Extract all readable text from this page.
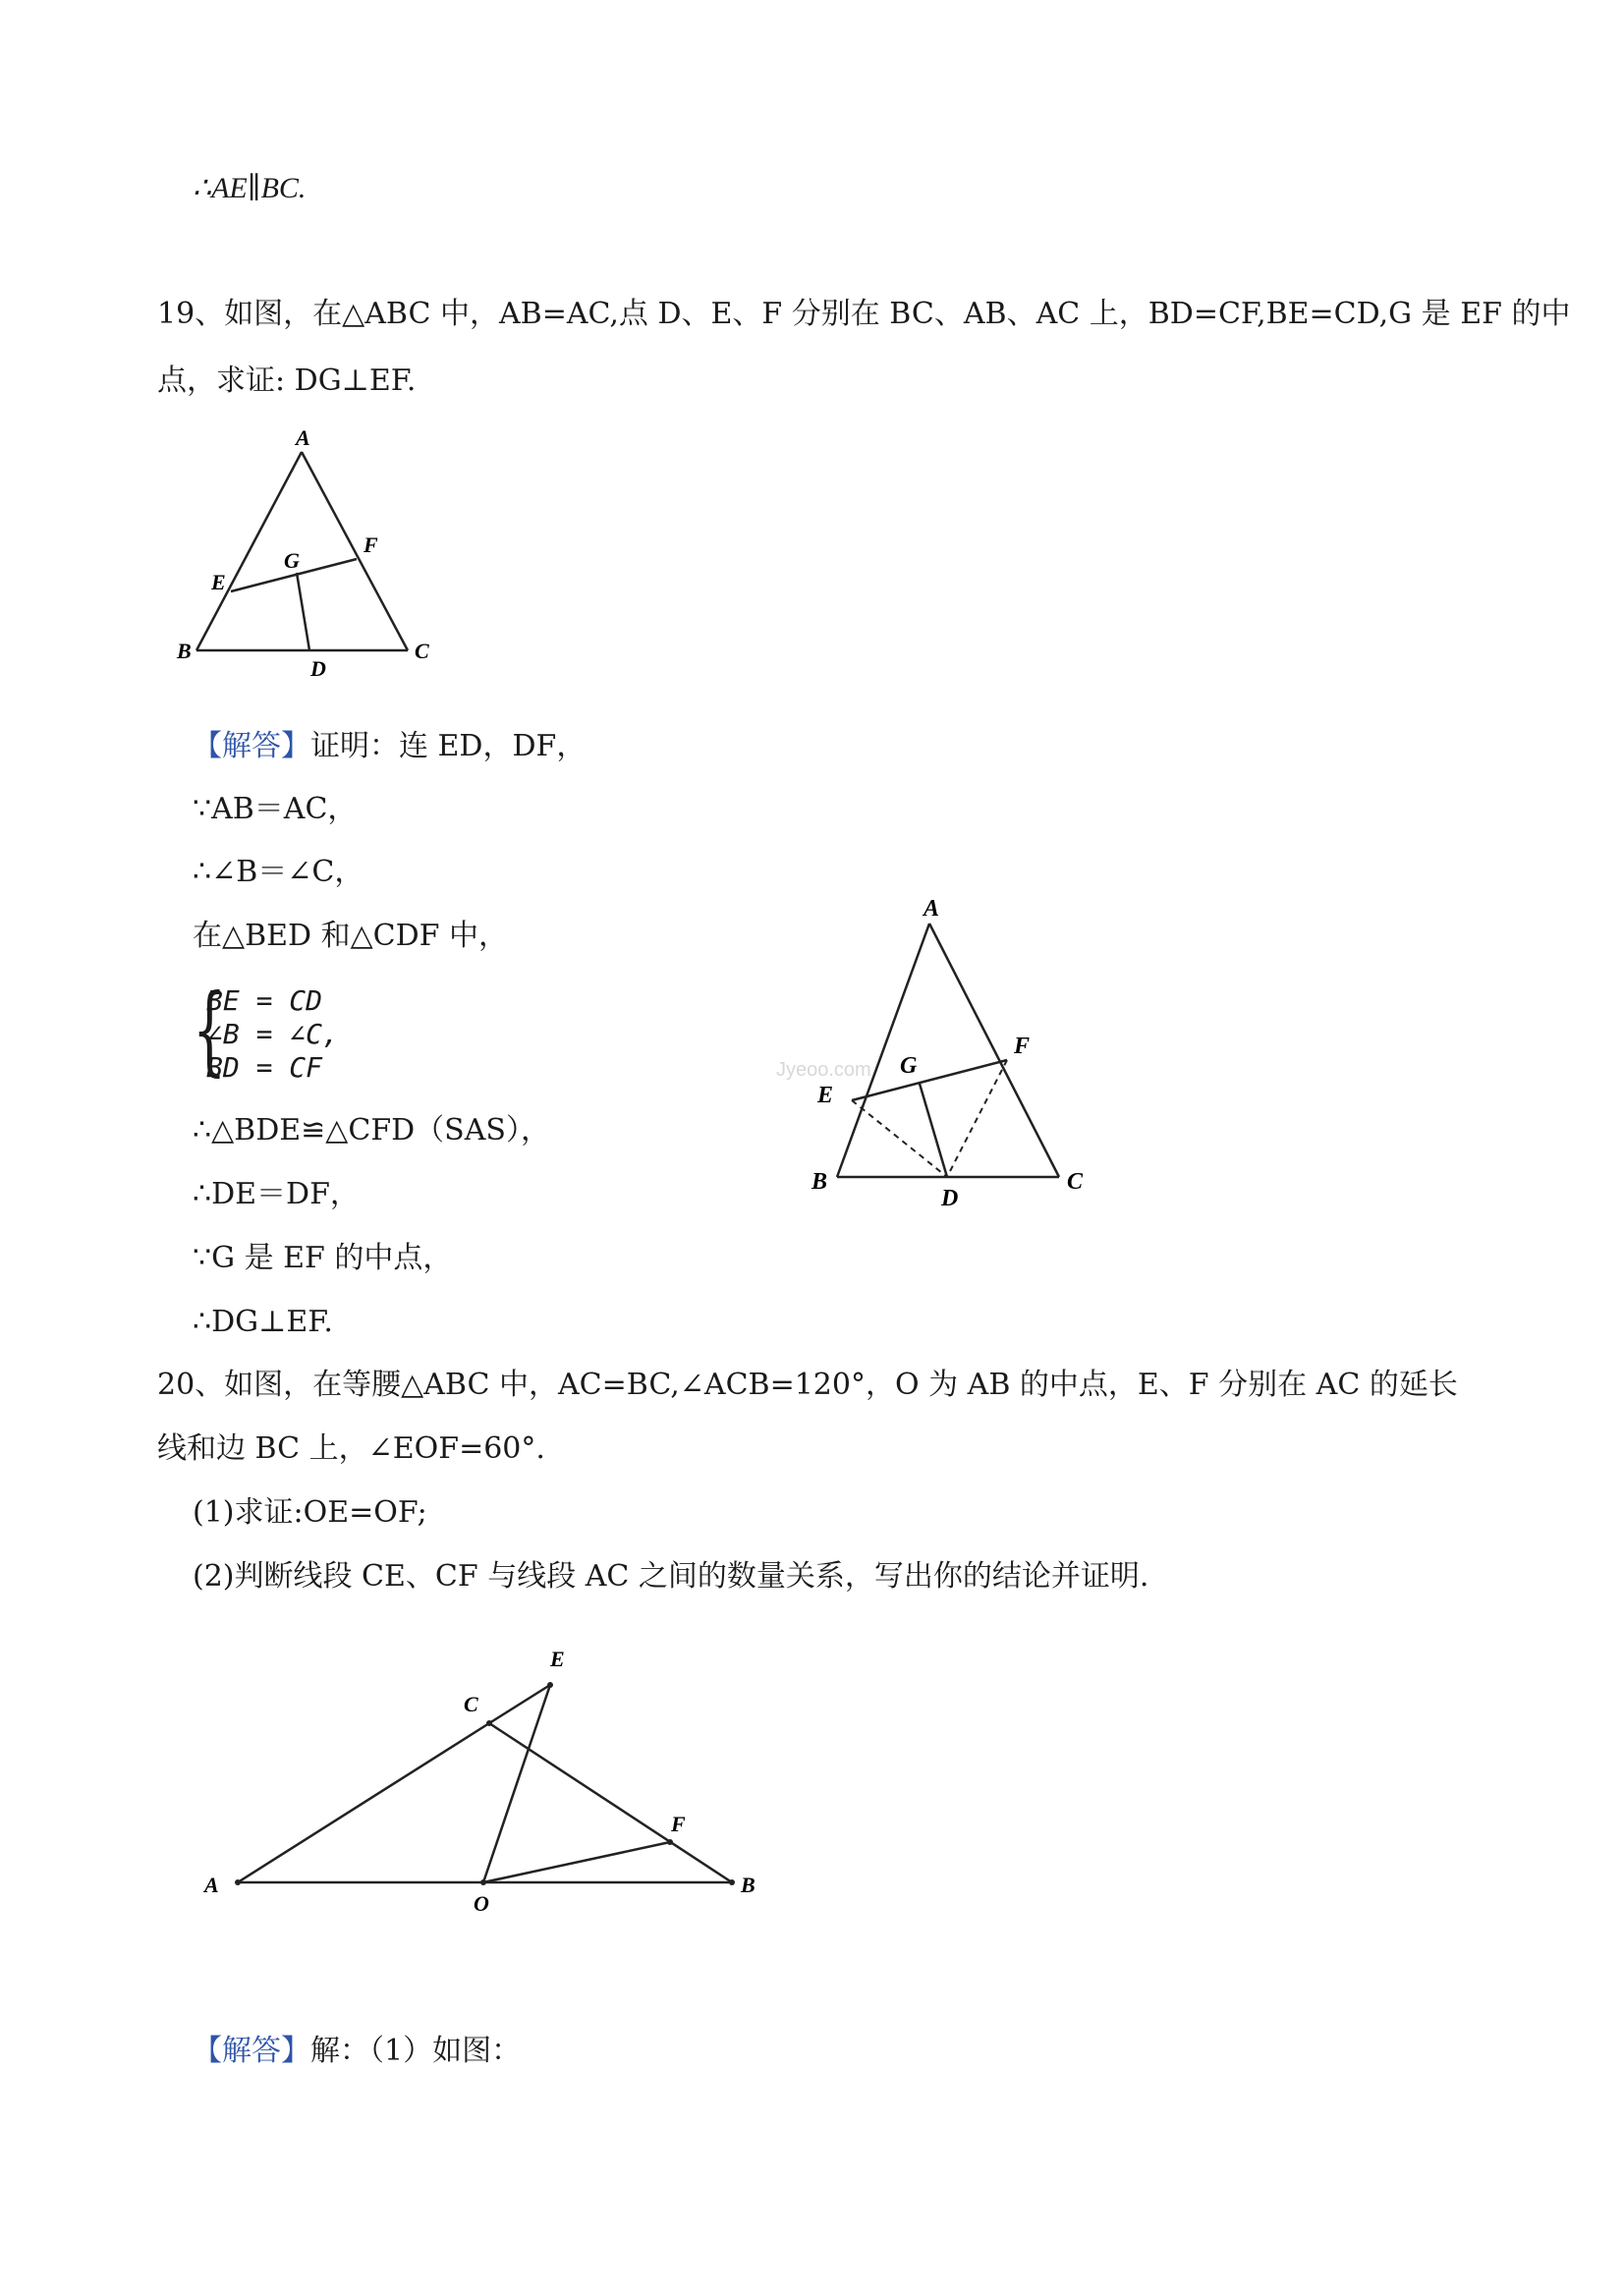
∴AE∥BC.
19、如图，在△ABC 中，AB=AC,点 D、E、F 分别在 BC、AB、AC 上，BD=CF,BE=CD,G 是 EF 的中
点，求证: DG⊥EF.
A
B	C
D
E
F
G
【解答】证明：连 ED，DF，
∵AB＝AC，
∴∠B＝∠C，
在△BED 和△CDF 中，
{
BE = CD
∠B = ∠C,
BD = CF
∴△BDE≌△CFD（SAS），
∴DE＝DF，
∵G 是 EF 的中点，
∴DG⊥EF.
Jyeoo.com
A
B	C
D
E
F
G
20、如图，在等腰△ABC 中，AC=BC,∠ACB=120°，O 为 AB 的中点，E、F 分别在 AC 的延长
线和边 BC 上，∠EOF=60°.
(1)求证:OE=OF;
(2)判断线段 CE、CF 与线段 AC 之间的数量关系，写出你的结论并证明.
A	B
C
E
F
O
【解答】解：（1）如图：
